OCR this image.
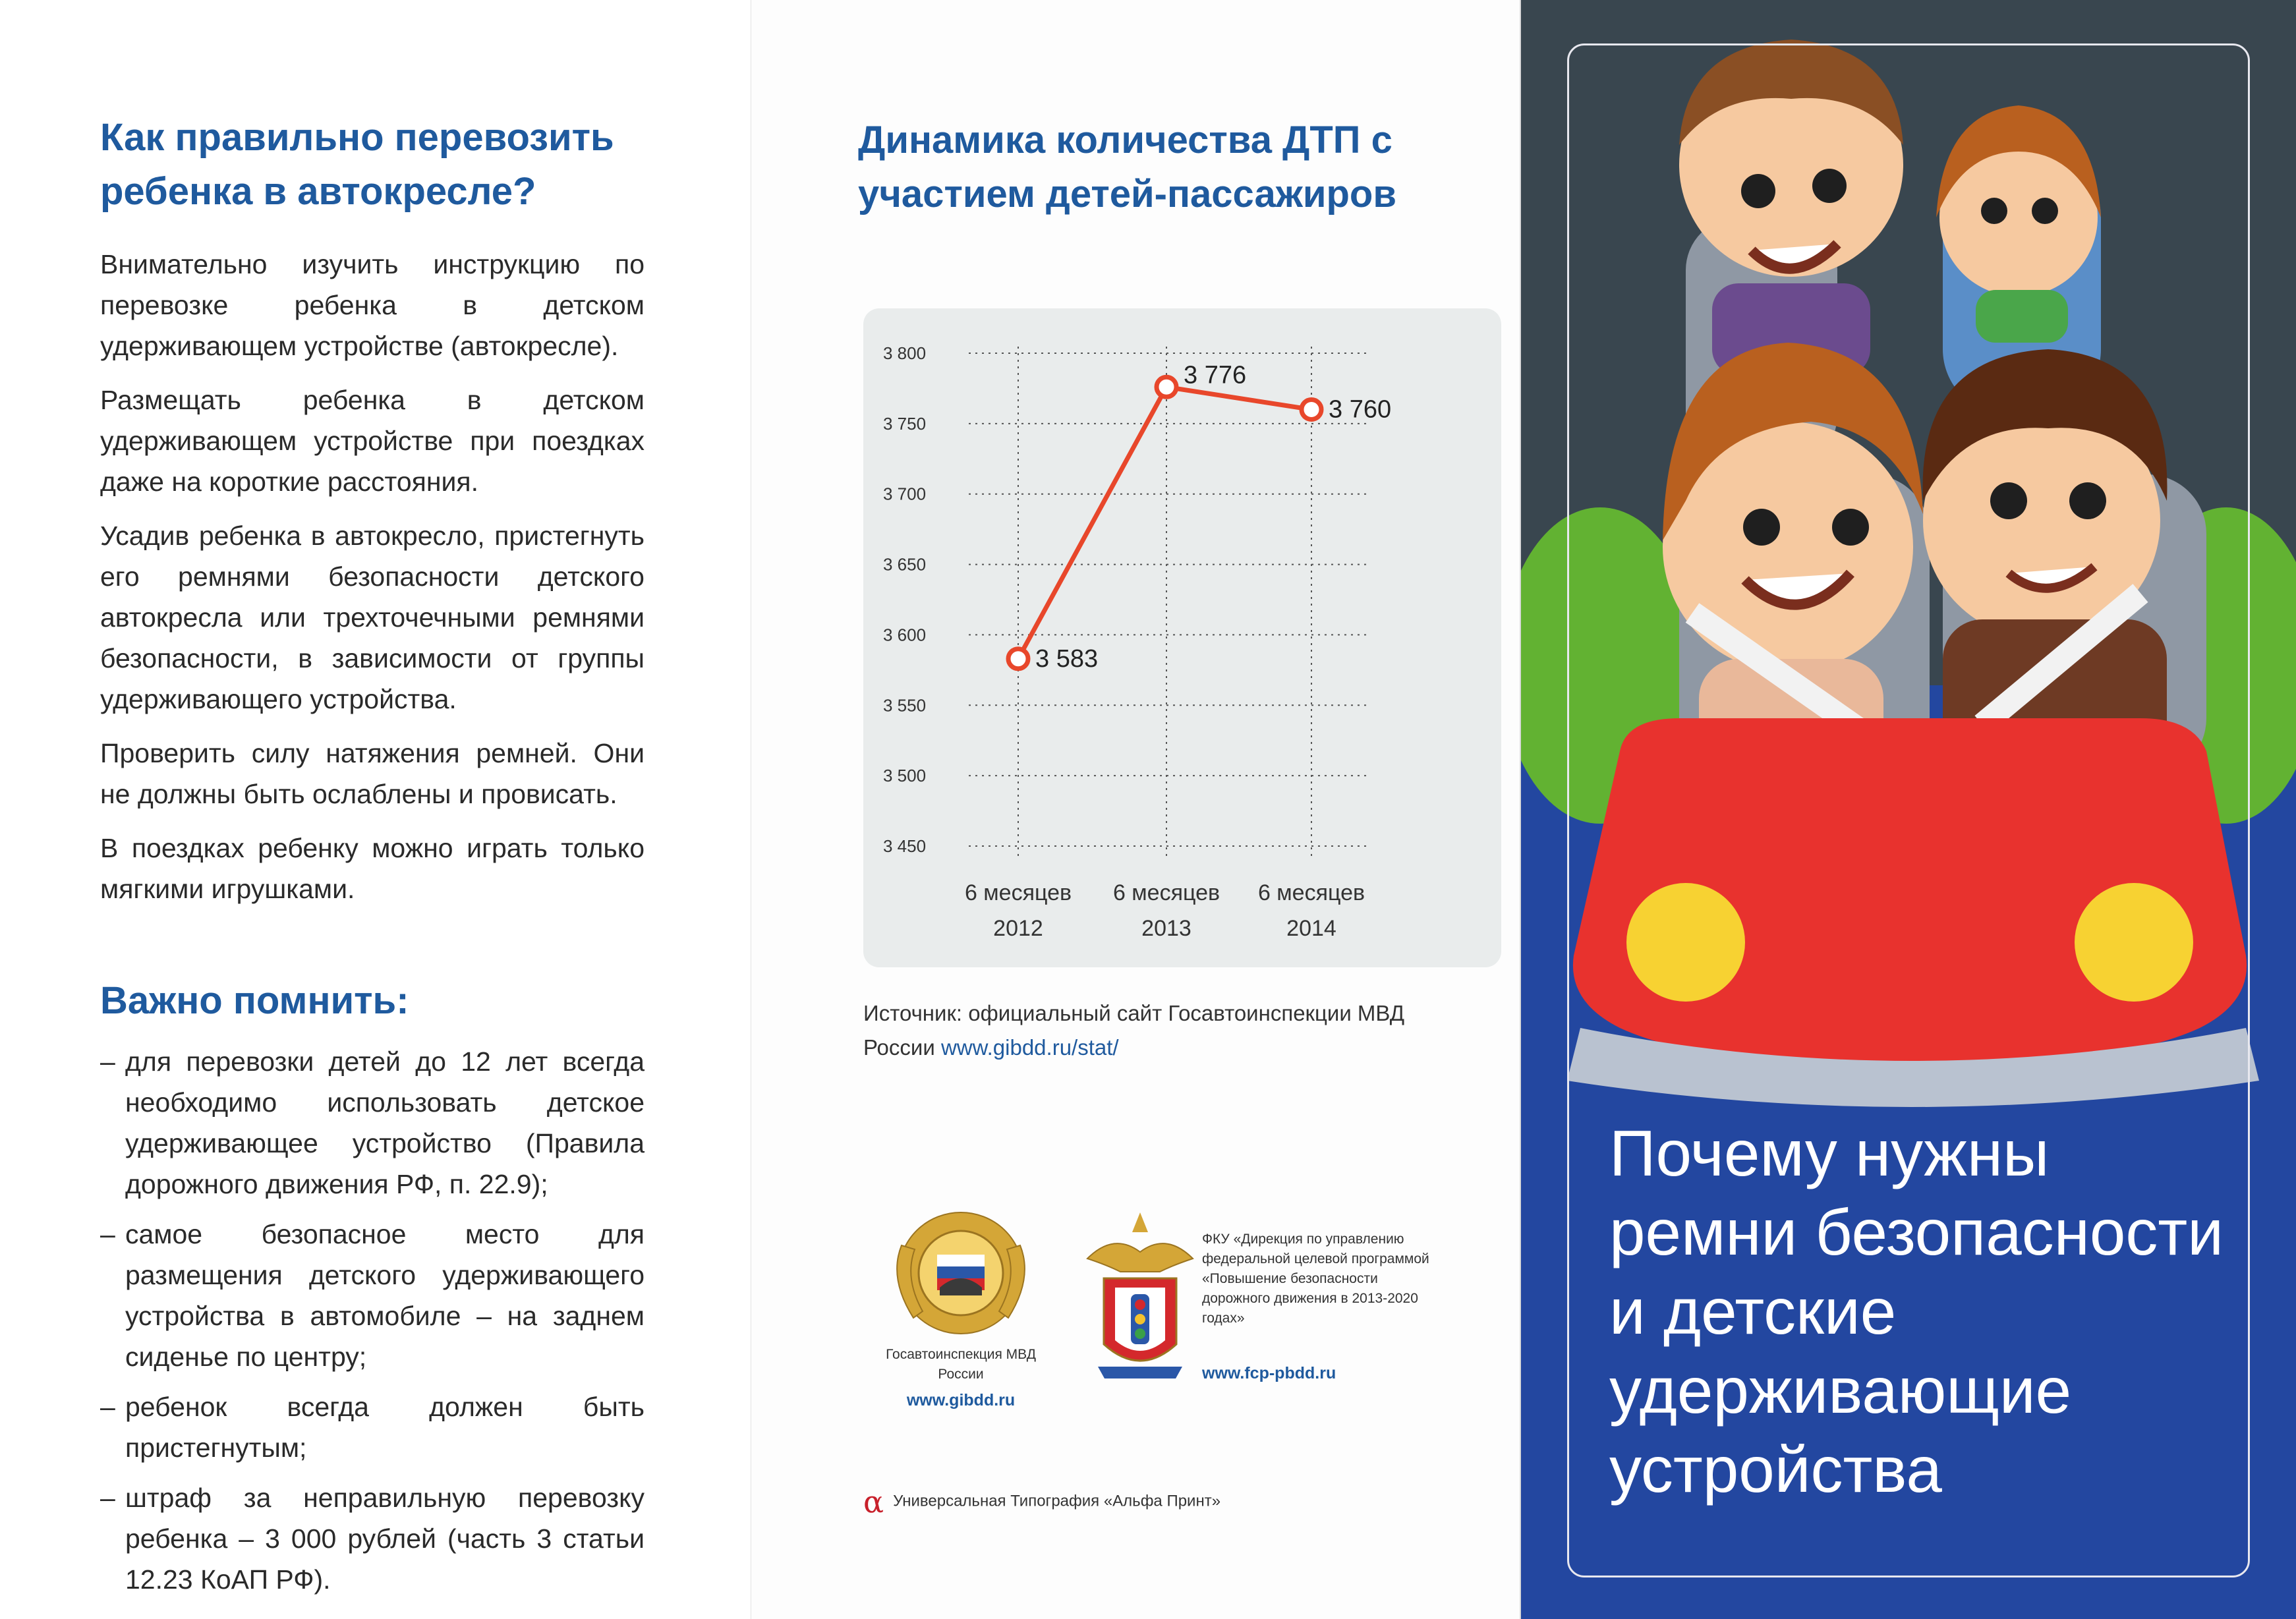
Как правильно перевозить ребенка в автокресле?

Внимательно изучить инструкцию по перевозке ребенка в детском удерживающем устройстве (автокресле).

Размещать ребенка в детском удерживающем устройстве при поездках даже на короткие расстояния.

Усадив ребенка в автокресло, пристегнуть его ремнями безопасности детского автокресла или трехточечными ремнями безопасности, в зависимости от группы удерживающего устройства.

Проверить силу натяжения ремней. Они не должны быть ослаблены и провисать.

В поездках ребенку можно играть только мягкими игрушками.

Важно помнить:
– для перевозки детей до 12 лет всегда необходимо использовать детское удерживающее устройство (Правила дорожного движения РФ, п. 22.9);
– самое безопасное место для размещения детского удерживающего устройства в автомобиле – на заднем сиденье по центру;
– ребенок всегда должен быть пристегнутым;
– штраф за неправильную перевозку ребенка – 3 000 рублей (часть 3 статьи 12.23 КоАП РФ).
Динамика количества ДТП с участием детей-пассажиров
3 450
3 500
3 550
3 600
3 650
3 700
3 750
3 800
3 583
3 776
3 760
6 месяцев
2012
6 месяцев
2013
6 месяцев
2014
Источник: официальный сайт Госавтоинспекции МВД России www.gibdd.ru/stat/
Госавтоинспекция МВД России
www.gibdd.ru
ФКУ «Дирекция по управлению федеральной целевой программой «Повышение безопасности дорожного движения в 2013-2020 годах»
www.fcp-pbdd.ru
α Универсальная Типография «Альфа Принт»
Почему нужны ремни безопасности и детские удерживающие устройства
